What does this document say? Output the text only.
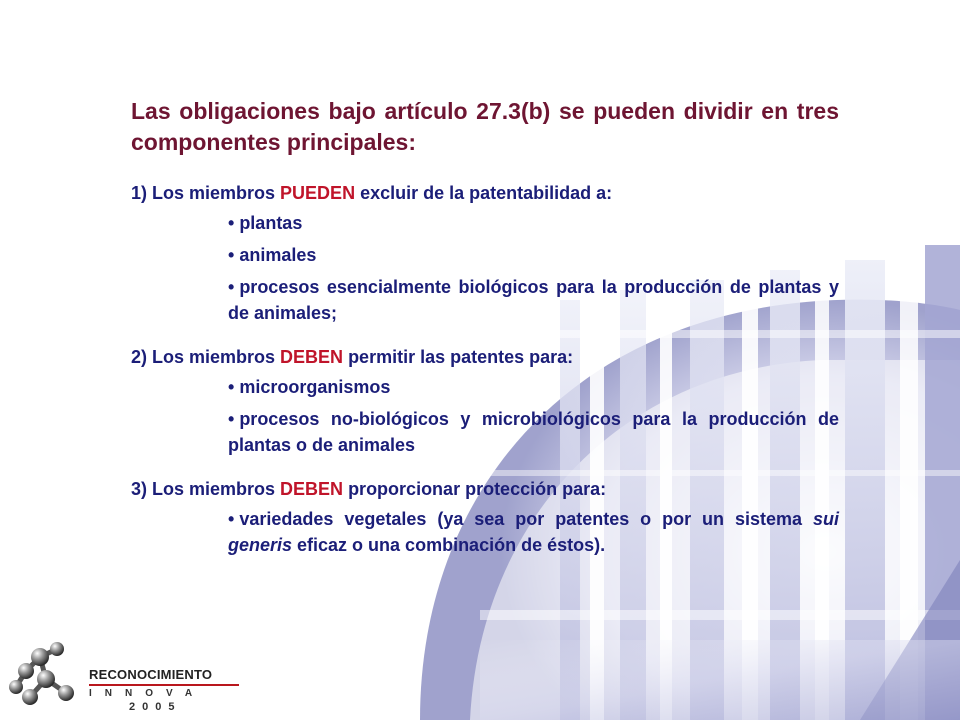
Las obligaciones bajo artículo 27.3(b) se pueden dividir en tres componentes principales:

1) Los miembros PUEDEN excluir de la patentabilidad a:

• plantas
• animales
• procesos esencialmente biológicos para la producción de plantas y de animales;

2) Los miembros DEBEN permitir las patentes para:

• microorganismos
• procesos no-biológicos y microbiológicos para la producción de plantas o de animales

3) Los miembros DEBEN proporcionar protección para:

• variedades vegetales (ya sea por patentes o por un sistema sui generis eficaz o una combinación de éstos).
RECONOCIMIENTO
INNOVA
2005
